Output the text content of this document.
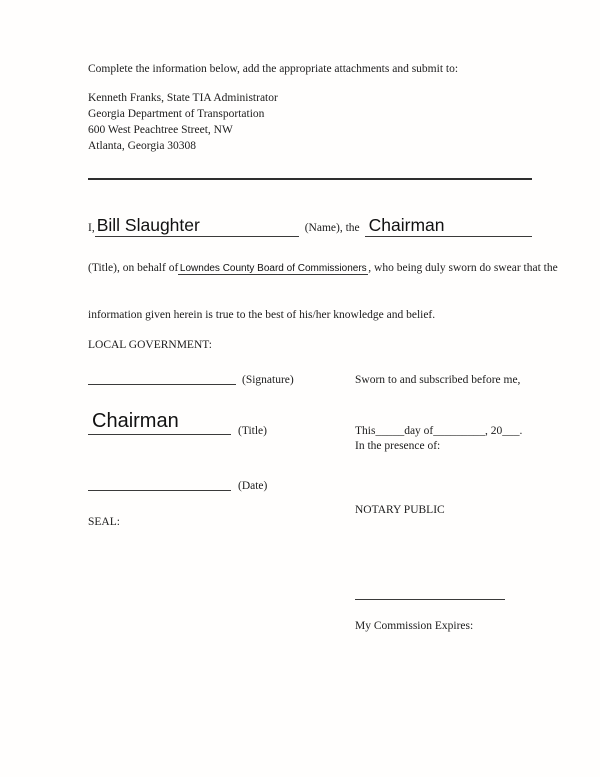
Complete the information below, add the appropriate attachments and submit to:
Kenneth Franks, State TIA Administrator
Georgia Department of Transportation
600 West Peachtree Street, NW
Atlanta, Georgia 30308
I, Bill Slaughter	(Name), the Chairman
(Title), on behalf of Lowndes County Board of Commissioners , who being duly sworn do swear that the
information given herein is true to the best of his/her knowledge and belief.
LOCAL GOVERNMENT:
(Signature)	Sworn to and subscribed before me,
Chairman	(Title)	This_____day of_________, 20___.
In the presence of:
(Date)
NOTARY PUBLIC
SEAL:
My Commission Expires:
